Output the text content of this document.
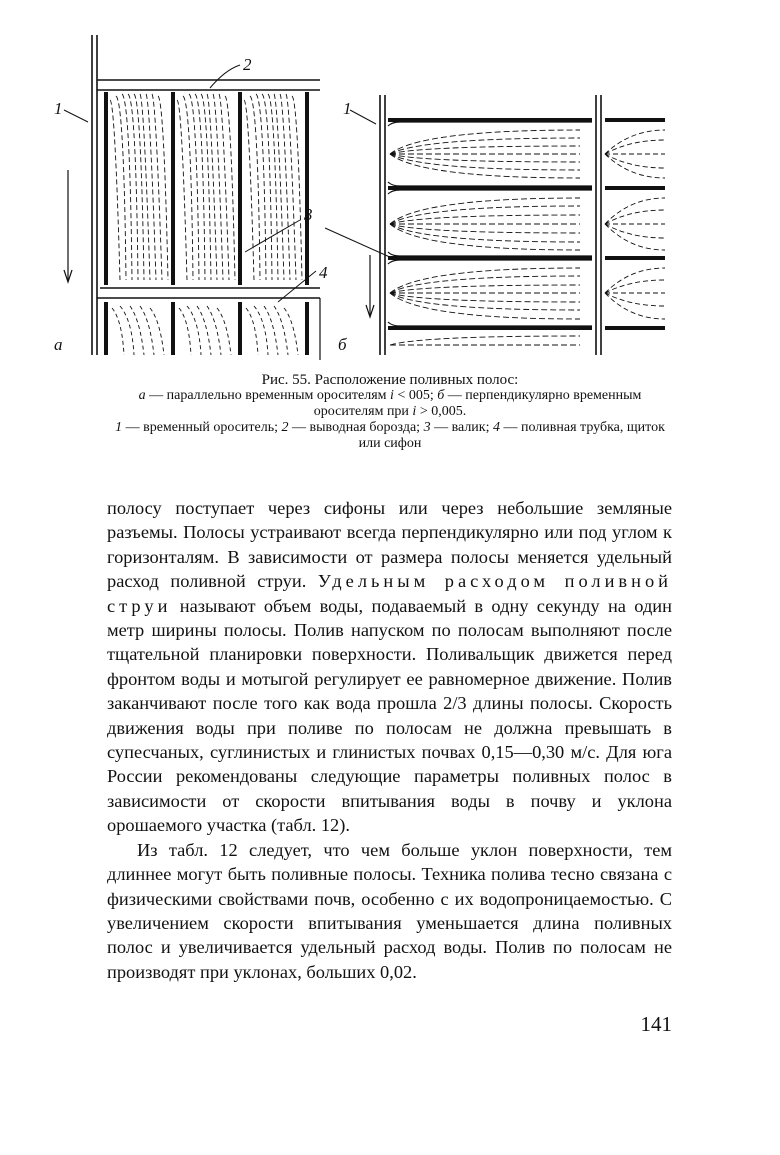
а	б
1	1
2
3
4
Рис. 55. Расположение поливных полос:
а — параллельно временным оросителям i < 005; б — перпендикулярно временным оросителям при i > 0,005.
1 — временный ороситель; 2 — выводная борозда; 3 — валик; 4 — поливная трубка, щиток или сифон

полосу поступает через сифоны или через небольшие земляные разъемы. Полосы устраивают всегда перпендикулярно или под углом к горизонталям. В зависимости от размера полосы меняется удельный расход поливной струи. Удельным расходом поливной струи называют объем воды, подаваемый в одну секунду на один метр ширины полосы. Полив напуском по полосам выполняют после тщательной планировки поверхности. Поливальщик движется перед фронтом воды и мотыгой регулирует ее равномерное движение. Полив заканчивают после того как вода прошла 2/3 длины полосы. Скорость движения воды при поливе по полосам не должна превышать в супесчаных, суглинистых и глинистых почвах 0,15—0,30 м/с. Для юга России рекомендованы следующие параметры поливных полос в зависимости от скорости впитывания воды в почву и уклона орошаемого участка (табл. 12).

Из табл. 12 следует, что чем больше уклон поверхности, тем длиннее могут быть поливные полосы. Техника полива тесно связана с физическими свойствами почв, особенно с их водопроницаемостью. С увеличением скорости впитывания уменьшается длина поливных полос и увеличивается удельный расход воды. Полив по полосам не производят при уклонах, больших 0,02.

141
